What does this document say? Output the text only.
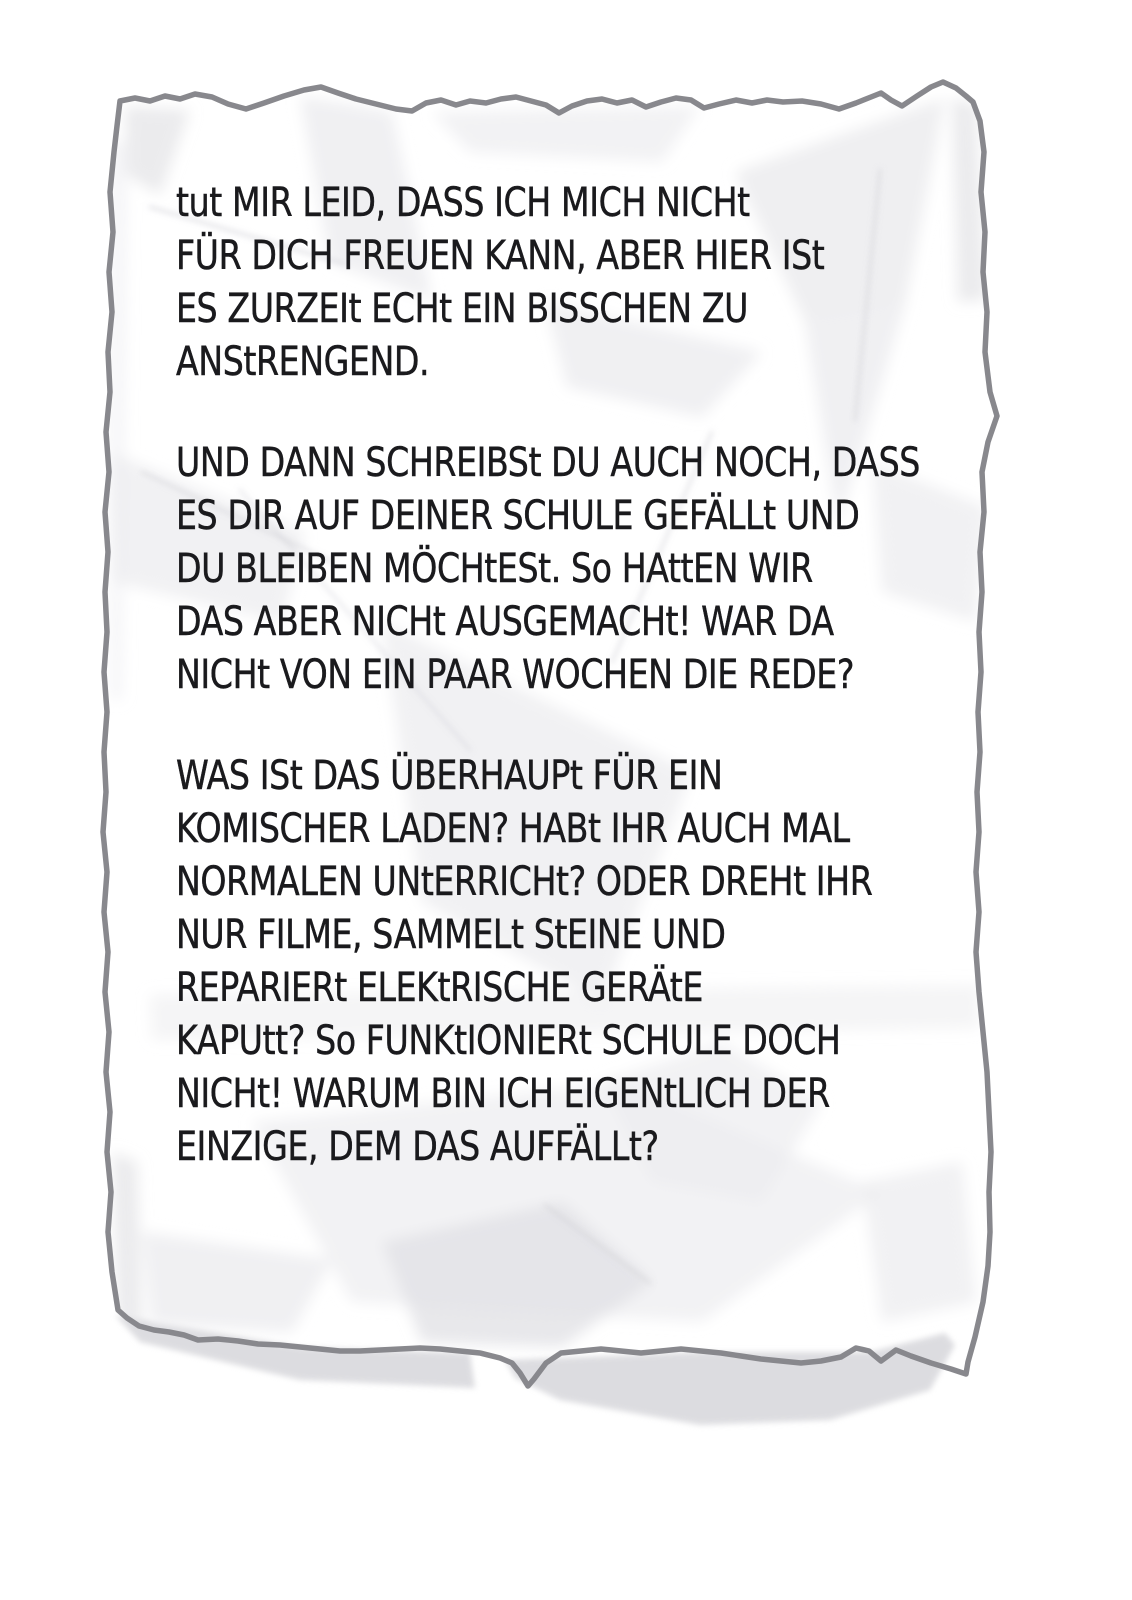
tut MIR LEID, DASS ICH MICH NICHt
FÜR DICH FREUEN KANN, ABER HIER ISt
ES ZURZEIt ECHt EIN BISSCHEN ZU
ANStRENGEND.
UND DANN SCHREIBSt DU AUCH NOCH, DASS
ES DIR AUF DEINER SCHULE GEFÄLLt UND
DU BLEIBEN MÖCHtESt. So HAttEN WIR
DAS ABER NICHt AUSGEMACHt! WAR DA
NICHt VON EIN PAAR WOCHEN DIE REDE?
WAS ISt DAS ÜBERHAUPt FÜR EIN
KOMISCHER LADEN? HABt IHR AUCH MAL
NORMALEN UNtERRICHt? ODER DREHt IHR
NUR FILME, SAMMELt StEINE UND
REPARIERt ELEKtRISCHE GERÄtE
KAPUtt? So FUNKtIONIERt SCHULE DOCH
NICHt! WARUM BIN ICH EIGENtLICH DER
EINZIGE, DEM DAS AUFFÄLLt?
